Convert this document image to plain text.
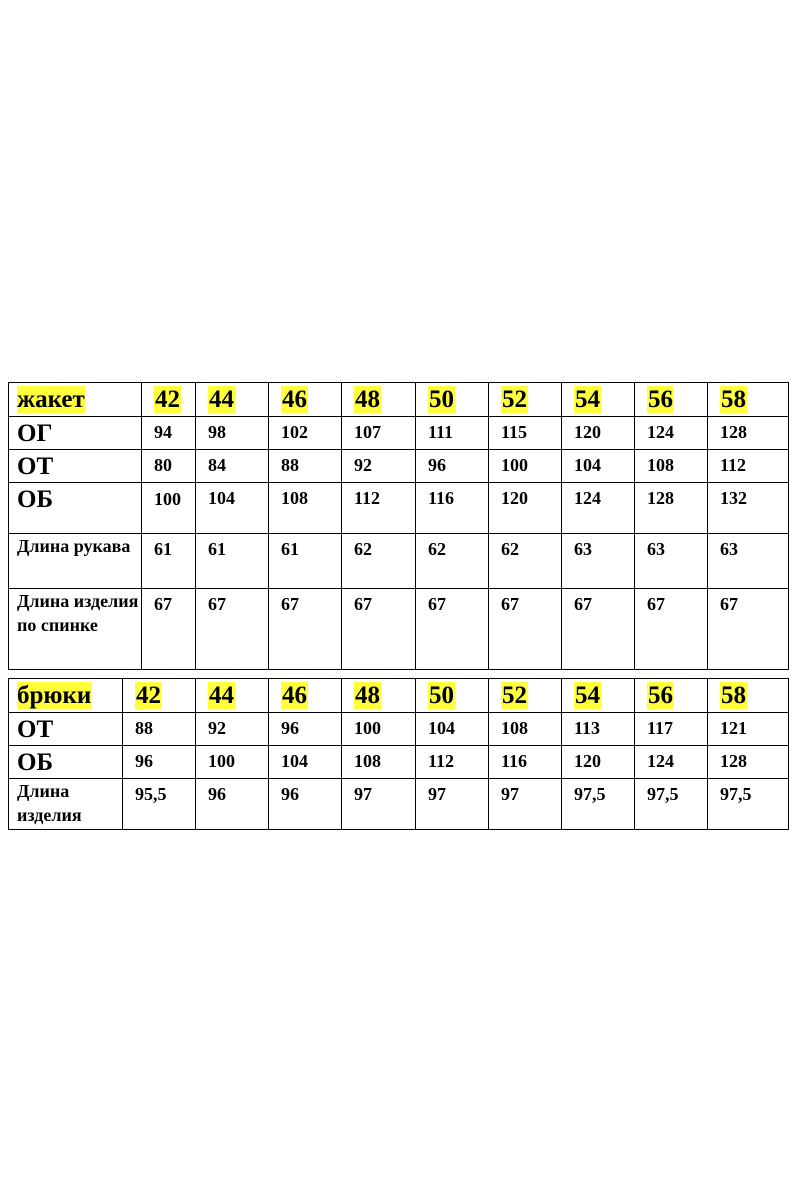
жакет	42	44	46	48	50	52	54	56	58
ОГ	94	98	102	107	111	115	120	124	128
ОТ	80	84	88	92	96	100	104	108	112
ОБ	100	104	108	112	116	120	124	128	132
Длина рукава	61	61	61	62	62	62	63	63	63
Длина изделия по спинке	67	67	67	67	67	67	67	67	67
брюки	42	44	46	48	50	52	54	56	58
ОТ	88	92	96	100	104	108	113	117	121
ОБ	96	100	104	108	112	116	120	124	128
Длина изделия	95,5	96	96	97	97	97	97,5	97,5	97,5
